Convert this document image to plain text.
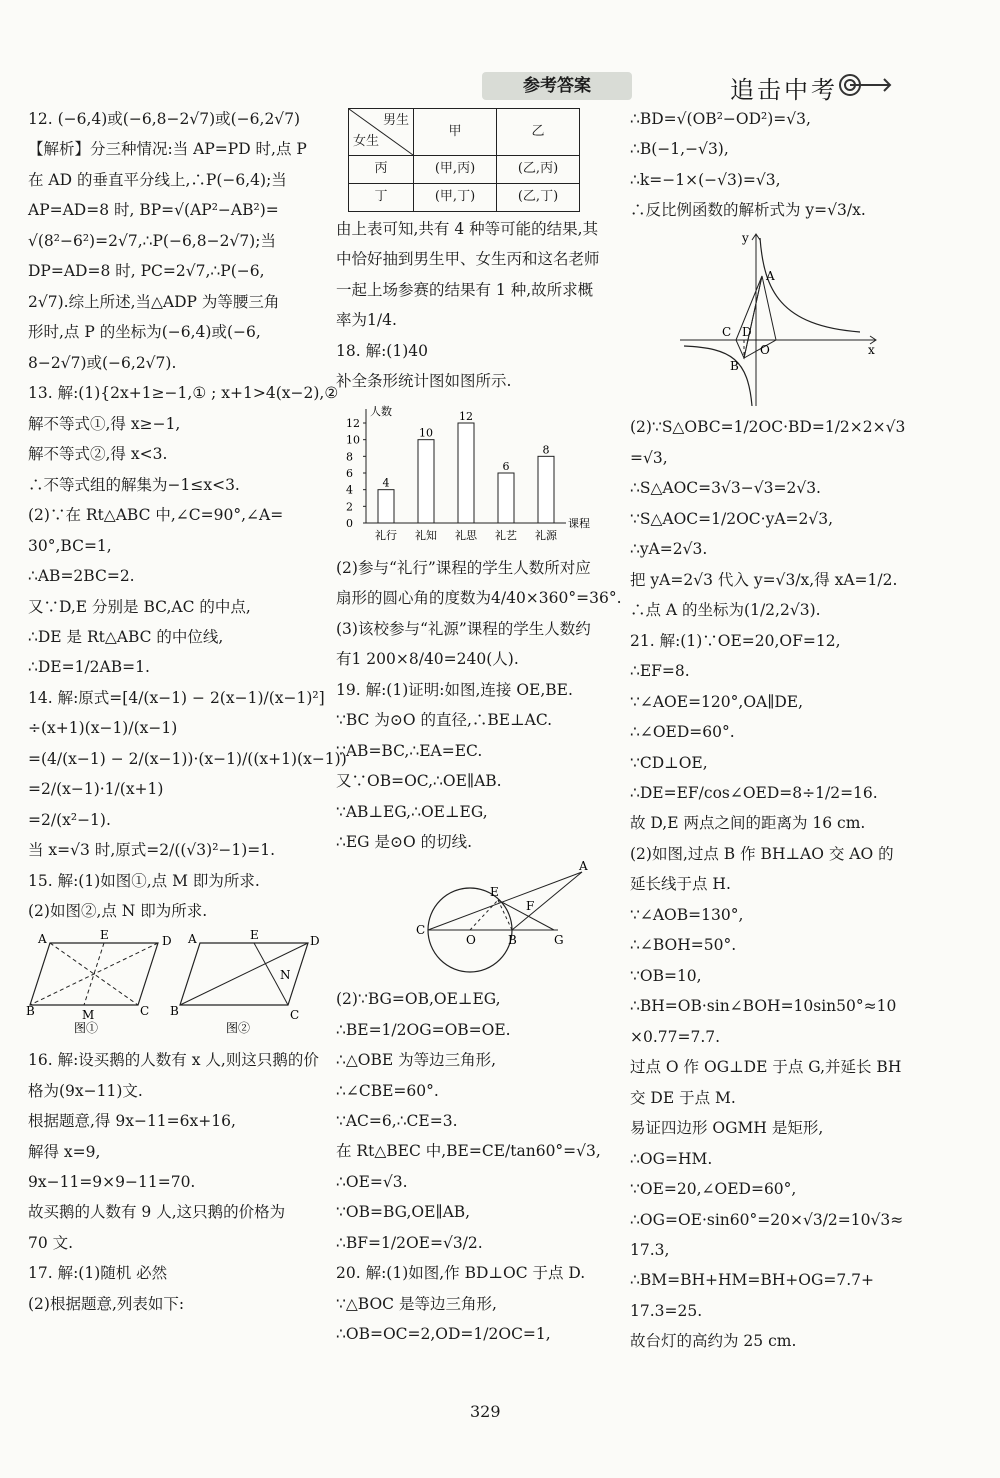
参考答案	追击中考
12. (−6,4)或(−6,8−2√7)或(−6,2√7)
【解析】分三种情况:当 AP=PD 时,点 P
在 AD 的垂直平分线上,∴P(−6,4);当
AP=AD=8 时, BP=√(AP²−AB²)=
√(8²−6²)=2√7,∴P(−6,8−2√7);当
DP=AD=8 时, PC=2√7,∴P(−6,
2√7).综上所述,当△ADP 为等腰三角
形时,点 P 的坐标为(−6,4)或(−6,
8−2√7)或(−6,2√7).
13. 解:(1){2x+1≥−1,① ; x+1>4(x−2),②
解不等式①,得 x≥−1,
解不等式②,得 x<3.
∴不等式组的解集为−1≤x<3.
(2)∵在 Rt△ABC 中,∠C=90°,∠A=
30°,BC=1,
∴AB=2BC=2.
又∵D,E 分别是 BC,AC 的中点,
∴DE 是 Rt△ABC 的中位线,
∴DE=1/2AB=1.
14. 解:原式=[4/(x−1) − 2(x−1)/(x−1)²]
÷(x+1)(x−1)/(x−1)
=(4/(x−1) − 2/(x−1))·(x−1)/((x+1)(x−1))
=2/(x−1)·1/(x+1)
=2/(x²−1).
当 x=√3 时,原式=2/((√3)²−1)=1.
15. 解:(1)如图①,点 M 即为所求.
(2)如图②,点 N 即为所求.
A	E	D
B	M	C
图①
A	E	D
N
B	C
图②
16. 解:设买鹅的人数有 x 人,则这只鹅的价
格为(9x−11)文.
根据题意,得 9x−11=6x+16,
解得 x=9,
9x−11=9×9−11=70.
故买鹅的人数有 9 人,这只鹅的价格为
70 文.
17. 解:(1)随机 必然
(2)根据题意,列表如下:
男生
女生	甲	乙
丙	(甲,丙)	(乙,丙)
丁	(甲,丁)	(乙,丁)
由上表可知,共有 4 种等可能的结果,其
中恰好抽到男生甲、女生丙和这名老师
一起上场参赛的结果有 1 种,故所求概
率为1/4.
18. 解:(1)40
补全条形统计图如图所示.
人数
课程
0
2
4
6
8
10
12
4
礼行
10
礼知
12
礼思
6
礼艺
8
礼源
(2)参与“礼行”课程的学生人数所对应
扇形的圆心角的度数为4/40×360°=36°.
(3)该校参与“礼源”课程的学生人数约
有1 200×8/40=240(人).
19. 解:(1)证明:如图,连接 OE,BE.
∵BC 为⊙O 的直径,∴BE⊥AC.
∵AB=BC,∴EA=EC.
又∵OB=OC,∴OE∥AB.
∵AB⊥EG,∴OE⊥EG,
∴EG 是⊙O 的切线.
A
E
F
C
O	B	G
(2)∵BG=OB,OE⊥EG,
∴BE=1/2OG=OB=OE.
∴△OBE 为等边三角形,
∴∠CBE=60°.
∵AC=6,∴CE=3.
在 Rt△BEC 中,BE=CE/tan60°=√3,
∴OE=√3.
∵OB=BG,OE∥AB,
∴BF=1/2OE=√3/2.
20. 解:(1)如图,作 BD⊥OC 于点 D.
∵△BOC 是等边三角形,
∴OB=OC=2,OD=1/2OC=1,
∴BD=√(OB²−OD²)=√3,
∴B(−1,−√3),
∴k=−1×(−√3)=√3,
∴反比例函数的解析式为 y=√3/x.
y
A
C D
O
B
x
(2)∵S△OBC=1/2OC·BD=1/2×2×√3
=√3,
∴S△AOC=3√3−√3=2√3.
∵S△AOC=1/2OC·yA=2√3,
∴yA=2√3.
把 yA=2√3 代入 y=√3/x,得 xA=1/2.
∴点 A 的坐标为(1/2,2√3).
21. 解:(1)∵OE=20,OF=12,
∴EF=8.
∵∠AOE=120°,OA∥DE,
∴∠OED=60°.
∵CD⊥OE,
∴DE=EF/cos∠OED=8÷1/2=16.
故 D,E 两点之间的距离为 16 cm.
(2)如图,过点 B 作 BH⊥AO 交 AO 的
延长线于点 H.
∵∠AOB=130°,
∴∠BOH=50°.
∵OB=10,
∴BH=OB·sin∠BOH=10sin50°≈10
×0.77=7.7.
过点 O 作 OG⊥DE 于点 G,并延长 BH
交 DE 于点 M.
易证四边形 OGMH 是矩形,
∴OG=HM.
∵OE=20,∠OED=60°,
∴OG=OE·sin60°=20×√3/2=10√3≈
17.3,
∴BM=BH+HM=BH+OG=7.7+
17.3=25.
故台灯的高约为 25 cm.
329
